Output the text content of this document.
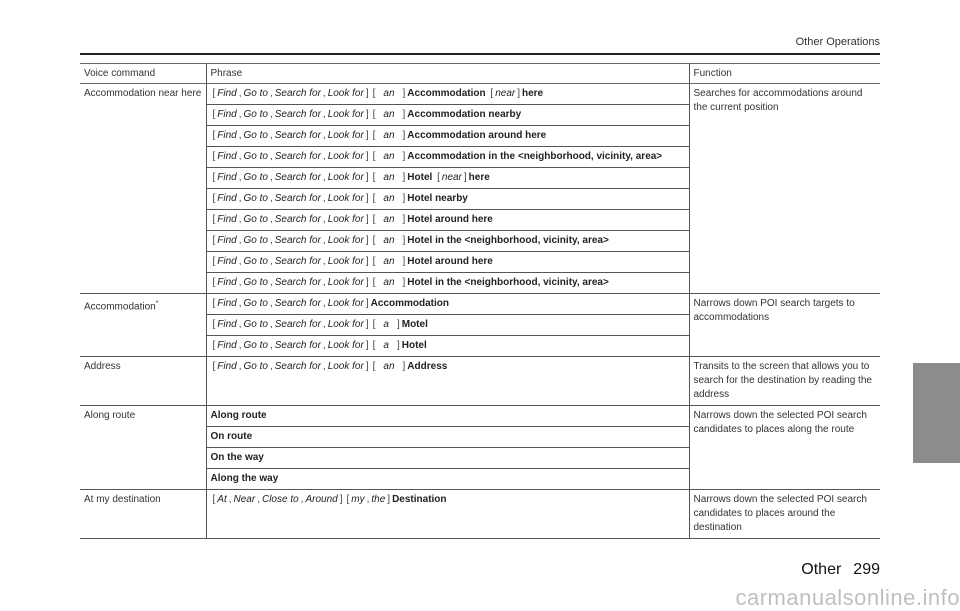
Other Operations
Voice command	Phrase	Function
Accommodation near here	[ Find , Go to , Search for , Look for ] [ an ] Accommodation [ near ] here	Searches for accommodations around the current position
	[ Find , Go to , Search for , Look for ] [ an ] Accommodation nearby	
	[ Find , Go to , Search for , Look for ] [ an ] Accommodation around here	
	[ Find , Go to , Search for , Look for ] [ an ] Accommodation in the <neighborhood, vicinity, area>	
	[ Find , Go to , Search for , Look for ] [ an ] Hotel [ near ] here	
	[ Find , Go to , Search for , Look for ] [ an ] Hotel nearby	
	[ Find , Go to , Search for , Look for ] [ an ] Hotel around here	
	[ Find , Go to , Search for , Look for ] [ an ] Hotel in the <neighborhood, vicinity, area>	
	[ Find , Go to , Search for , Look for ] [ an ] Hotel around here	
	[ Find , Go to , Search for , Look for ] [ an ] Hotel in the <neighborhood, vicinity, area>	
Accommodation*	[ Find , Go to , Search for , Look for ] Accommodation	Narrows down POI search targets to accommodations
	[ Find , Go to , Search for , Look for ] [ a ] Motel	
	[ Find , Go to , Search for , Look for ] [ a ] Hotel	
Address	[ Find , Go to , Search for , Look for ] [ an ] Address	Transits to the screen that allows you to search for the destination by reading the address
Along route	Along route	Narrows down the selected POI search candidates to places along the route
	On route	
	On the way	
	Along the way	
At my destination	[ At , Near , Close to , Around ] [ my , the ] Destination	Narrows down the selected POI search candidates to places around the destination
Other 299
carmanualsonline.info
